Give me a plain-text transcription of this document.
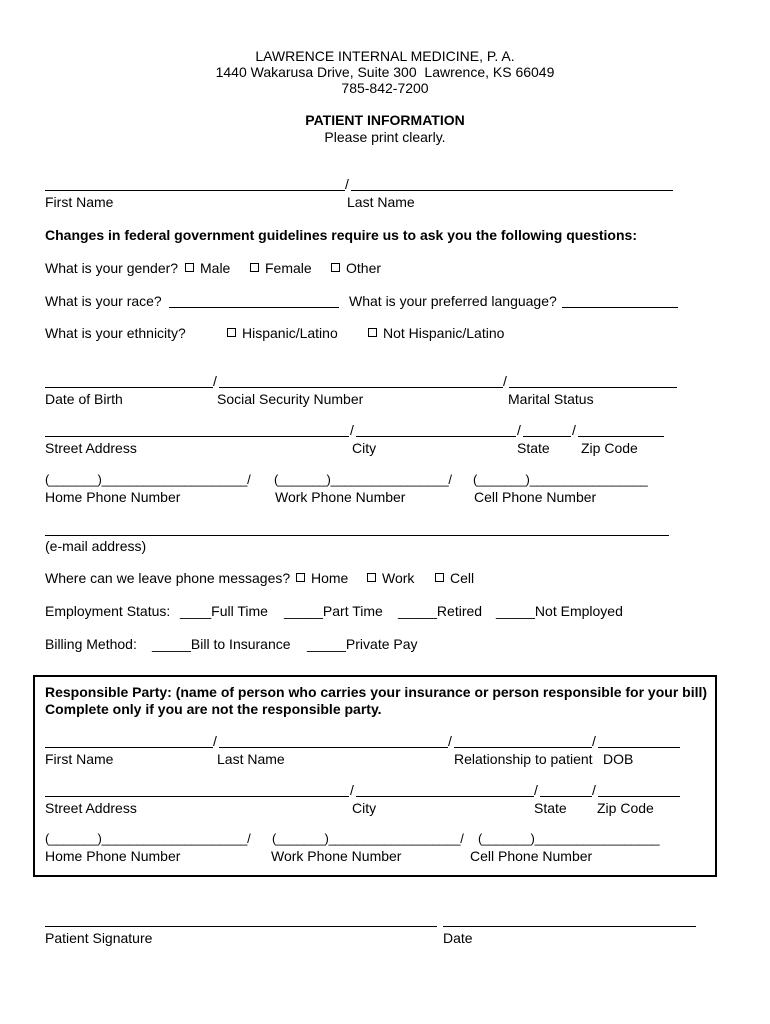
LAWRENCE INTERNAL MEDICINE, P. A.
1440 Wakarusa Drive, Suite 300  Lawrence, KS 66049
785-842-7200
PATIENT INFORMATION
Please print clearly.
/
First Name	Last Name
Changes in federal government guidelines require us to ask you the following questions:
What is your gender?	Male	Female	Other
What is your race?	What is your preferred language?
What is your ethnicity?	Hispanic/Latino	Not Hispanic/Latino
/	/
Date of Birth	Social Security Number	Marital Status
/	/	/
Street Address	City	State Zip Code
(_______)_____________________/ (_______)_________________/ (_______)_________________
Home Phone Number	Work Phone Number	Cell Phone Number
(e-mail address)
Where can we leave phone messages?	Home	Work	Cell
Employment Status: ____Full Time _____Part Time _____Retired _____Not Employed
Billing Method: _____Bill to Insurance _____Private Pay
Responsible Party: (name of person who carries your insurance or person responsible for your bill)
Complete only if you are not the responsible party.
/	/	/
First Name	Last Name	Relationship to patient DOB
/	/	/
Street Address	City	State Zip Code
(_______)_____________________/ (_______)___________________/ (_______)__________________
Home Phone Number	Work Phone Number	Cell Phone Number
Patient Signature	Date
